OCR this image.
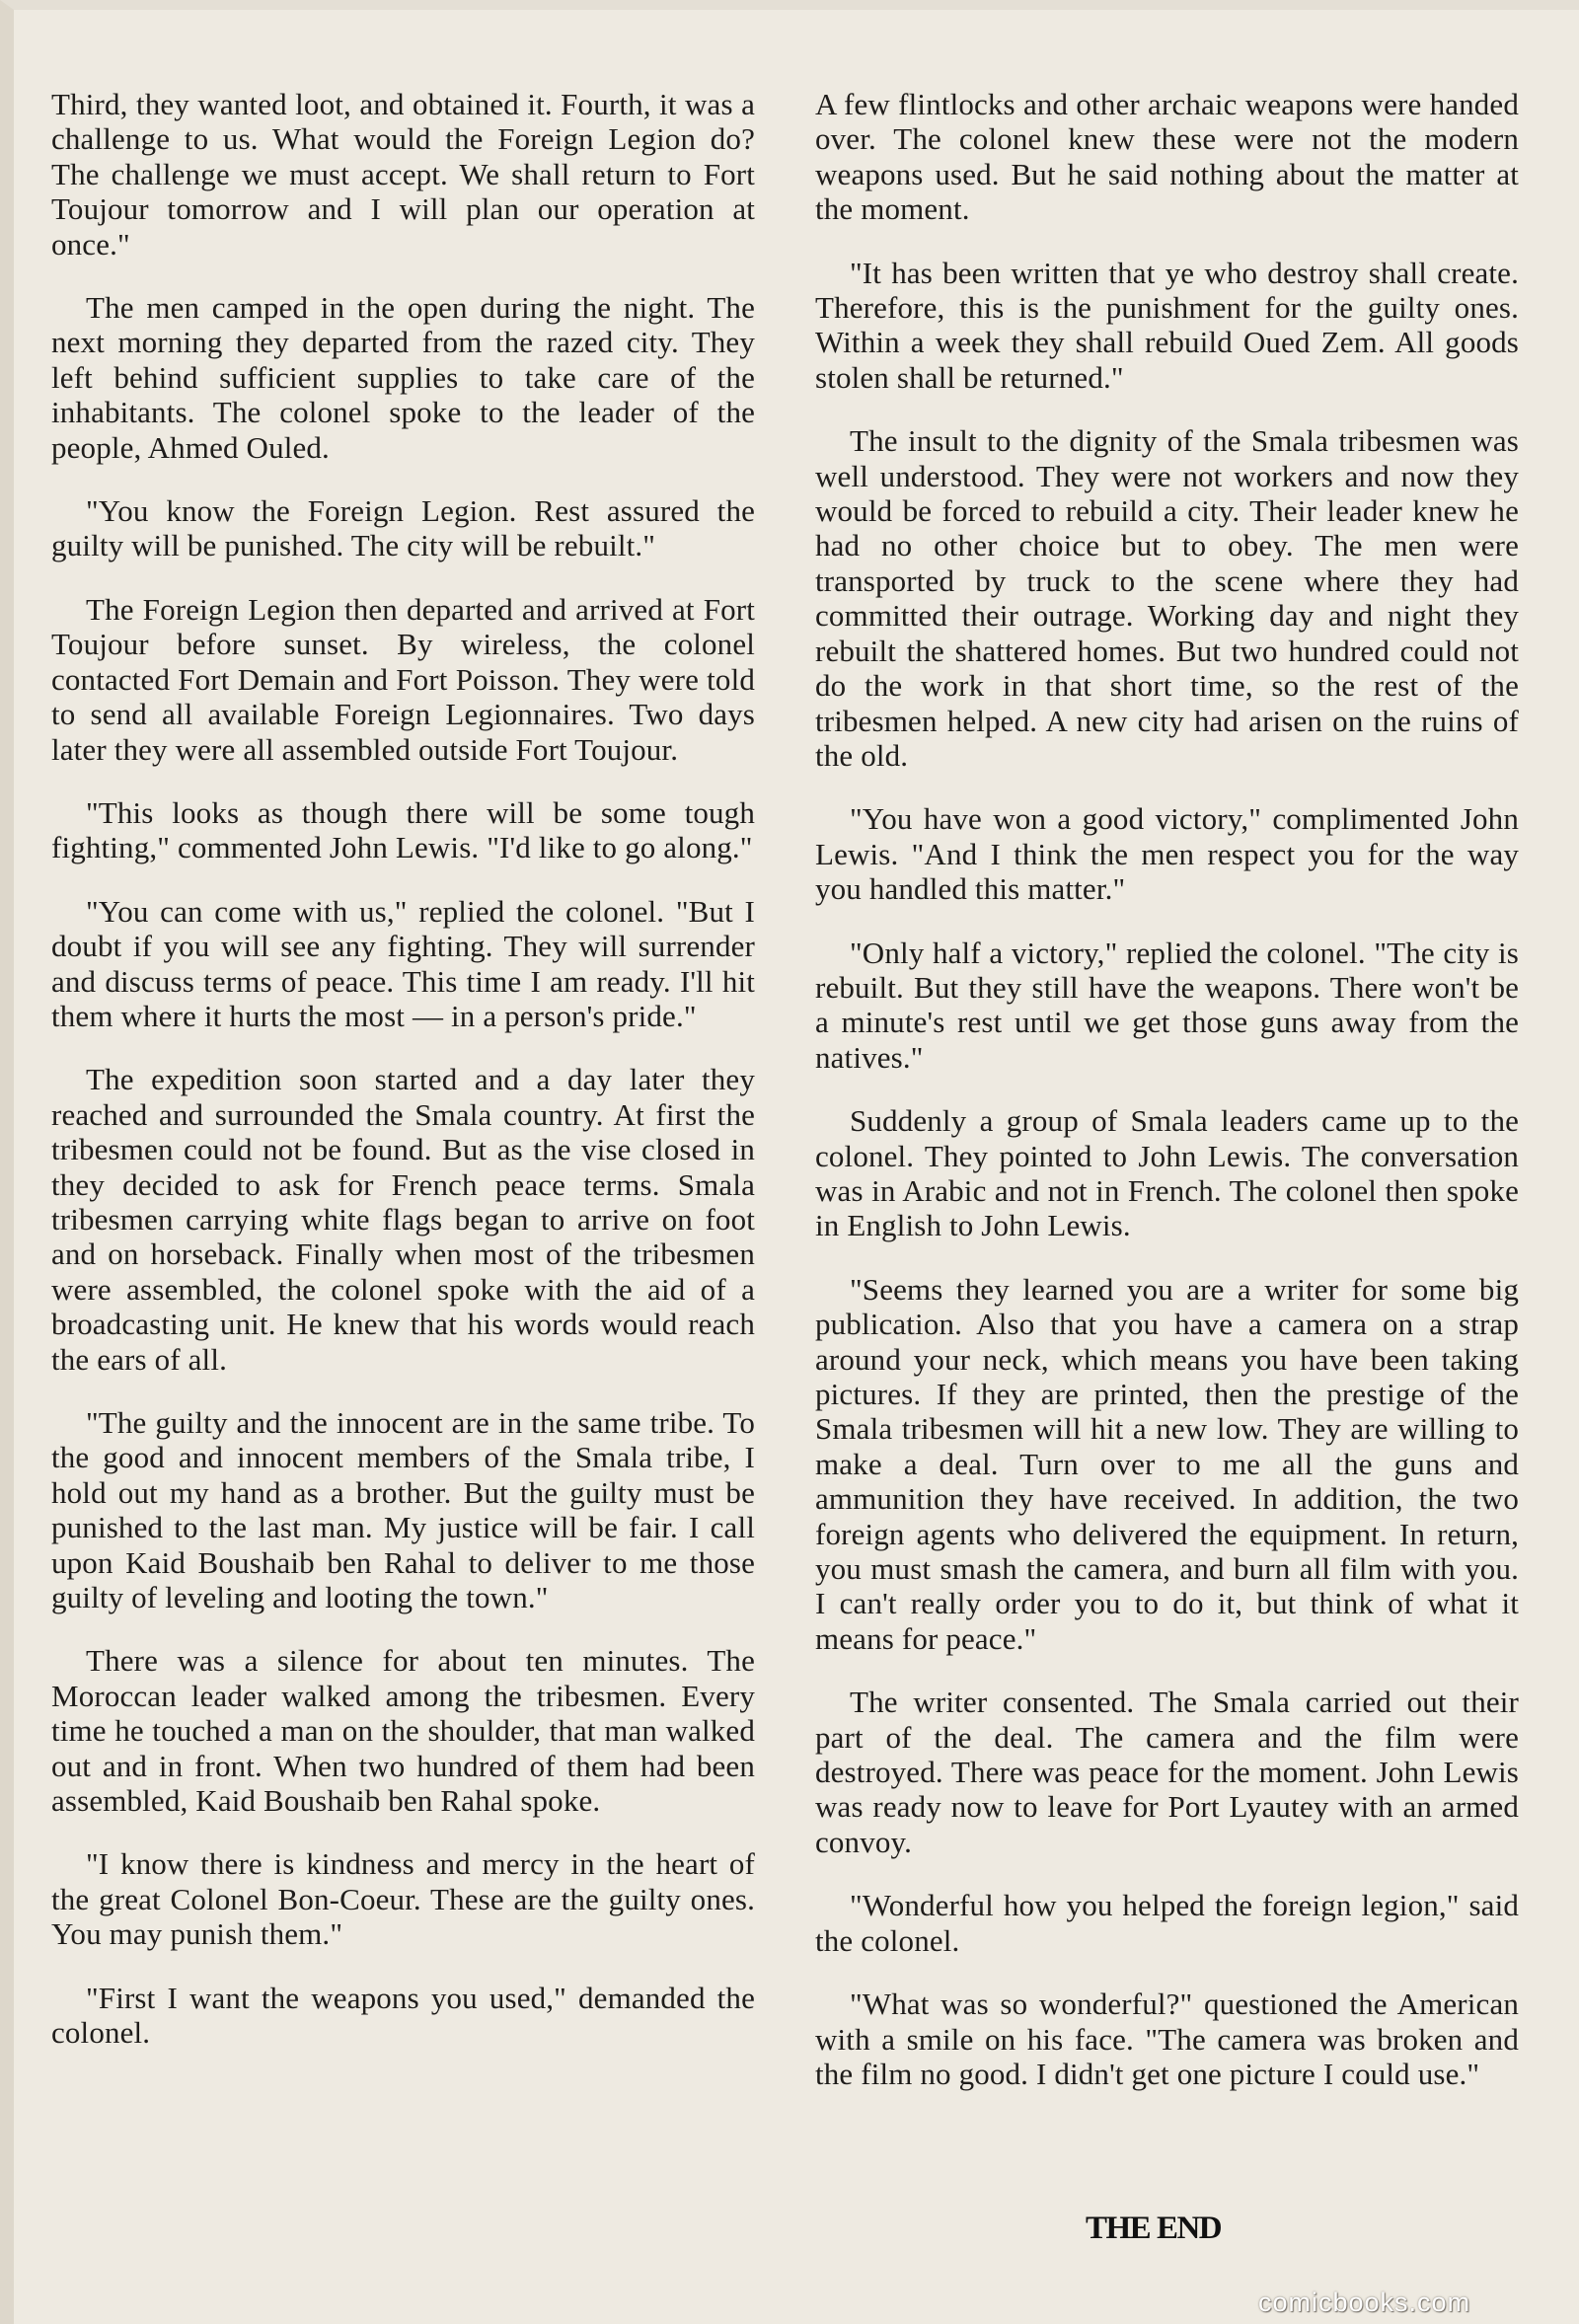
Third, they wanted loot, and obtained it. Fourth, it was a challenge to us. What would the Foreign Legion do? The challenge we must accept. We shall return to Fort Toujour tomorrow and I will plan our operation at once."

The men camped in the open during the night. The next morning they departed from the razed city. They left behind sufficient supplies to take care of the inhabitants. The colonel spoke to the leader of the people, Ahmed Ouled.

"You know the Foreign Legion. Rest assured the guilty will be punished. The city will be rebuilt."

The Foreign Legion then departed and arrived at Fort Toujour before sunset. By wireless, the colonel contacted Fort Demain and Fort Poisson. They were told to send all available Foreign Legionnaires. Two days later they were all assembled outside Fort Toujour.

"This looks as though there will be some tough fighting," commented John Lewis. "I'd like to go along."

"You can come with us," replied the colonel. "But I doubt if you will see any fighting. They will surrender and discuss terms of peace. This time I am ready. I'll hit them where it hurts the most — in a person's pride."

The expedition soon started and a day later they reached and surrounded the Smala country. At first the tribesmen could not be found. But as the vise closed in they decided to ask for French peace terms. Smala tribesmen carrying white flags began to arrive on foot and on horseback. Finally when most of the tribesmen were assembled, the colonel spoke with the aid of a broadcasting unit. He knew that his words would reach the ears of all.

"The guilty and the innocent are in the same tribe. To the good and innocent members of the Smala tribe, I hold out my hand as a brother. But the guilty must be punished to the last man. My justice will be fair. I call upon Kaid Boushaib ben Rahal to deliver to me those guilty of leveling and looting the town."

There was a silence for about ten minutes. The Moroccan leader walked among the tribesmen. Every time he touched a man on the shoulder, that man walked out and in front. When two hundred of them had been assembled, Kaid Boushaib ben Rahal spoke.

"I know there is kindness and mercy in the heart of the great Colonel Bon-Coeur. These are the guilty ones. You may punish them."

"First I want the weapons you used," demanded the colonel.

A few flintlocks and other archaic weapons were handed over. The colonel knew these were not the modern weapons used. But he said nothing about the matter at the moment.

"It has been written that ye who destroy shall create. Therefore, this is the punishment for the guilty ones. Within a week they shall rebuild Oued Zem. All goods stolen shall be returned."

The insult to the dignity of the Smala tribesmen was well understood. They were not workers and now they would be forced to rebuild a city. Their leader knew he had no other choice but to obey. The men were transported by truck to the scene where they had committed their outrage. Working day and night they rebuilt the shattered homes. But two hundred could not do the work in that short time, so the rest of the tribesmen helped. A new city had arisen on the ruins of the old.

"You have won a good victory," complimented John Lewis. "And I think the men respect you for the way you handled this matter."

"Only half a victory," replied the colonel. "The city is rebuilt. But they still have the weapons. There won't be a minute's rest until we get those guns away from the natives."

Suddenly a group of Smala leaders came up to the colonel. They pointed to John Lewis. The conversation was in Arabic and not in French. The colonel then spoke in English to John Lewis.

"Seems they learned you are a writer for some big publication. Also that you have a camera on a strap around your neck, which means you have been taking pictures. If they are printed, then the prestige of the Smala tribesmen will hit a new low. They are willing to make a deal. Turn over to me all the guns and ammunition they have received. In addition, the two foreign agents who delivered the equipment. In return, you must smash the camera, and burn all film with you. I can't really order you to do it, but think of what it means for peace."

The writer consented. The Smala carried out their part of the deal. The camera and the film were destroyed. There was peace for the moment. John Lewis was ready now to leave for Port Lyautey with an armed convoy.

"Wonderful how you helped the foreign legion," said the colonel.

"What was so wonderful?" questioned the American with a smile on his face. "The camera was broken and the film no good. I didn't get one picture I could use."

THE END
comicbooks.com
